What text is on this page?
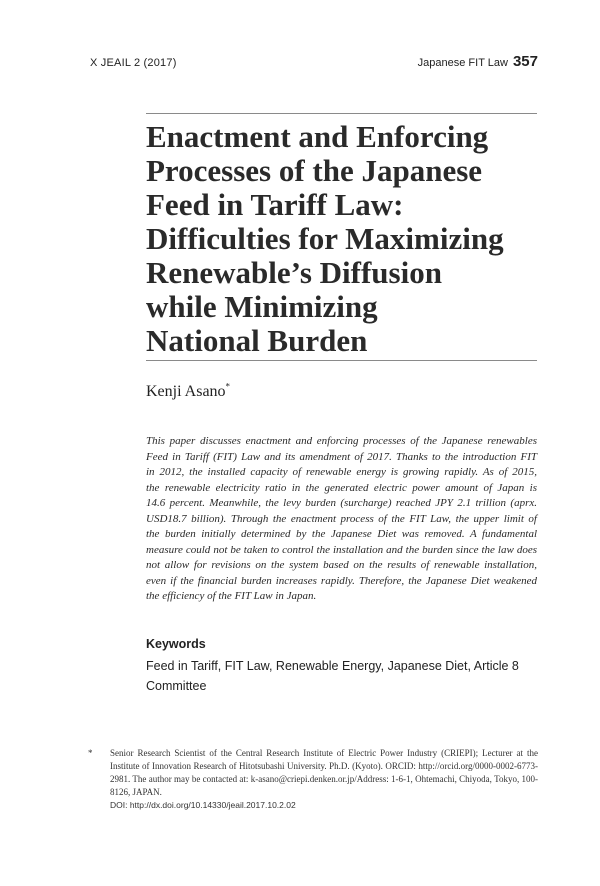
X JEAIL 2 (2017)	Japanese FIT Law 357
Enactment and Enforcing
Processes of the Japanese
Feed in Tariff Law:
Difficulties for Maximizing
Renewable’s Diffusion
while Minimizing
National Burden
Kenji Asano*

This paper discusses enactment and enforcing processes of the Japanese renewables
Feed in Tariff (FIT) Law and its amendment of 2017. Thanks to the introduction FIT
in 2012, the installed capacity of renewable energy is growing rapidly. As of 2015,
the renewable electricity ratio in the generated electric power amount of Japan is
14.6 percent. Meanwhile, the levy burden (surcharge) reached JPY 2.1 trillion (aprx.
USD18.7 billion). Through the enactment process of the FIT Law, the upper limit of
the burden initially determined by the Japanese Diet was removed. A fundamental
measure could not be taken to control the installation and the burden since the law does
not allow for revisions on the system based on the results of renewable installation,
even if the financial burden increases rapidly. Therefore, the Japanese Diet weakened
the efficiency of the FIT Law in Japan.

Keywords
Feed in Tariff, FIT Law, Renewable Energy, Japanese Diet, Article 8 Committee
* Senior Research Scientist of the Central Research Institute of Electric Power Industry (CRIEPI); Lecturer at the
Institute of Innovation Research of Hitotsubashi University. Ph.D. (Kyoto). ORCID: http://orcid.org/0000-0002-6773-
2981. The author may be contacted at: k-asano@criepi.denken.or.jp/Address: 1-6-1, Ohtemachi, Chiyoda, Tokyo, 100-
8126, JAPAN.
DOI: http://dx.doi.org/10.14330/jeail.2017.10.2.02
